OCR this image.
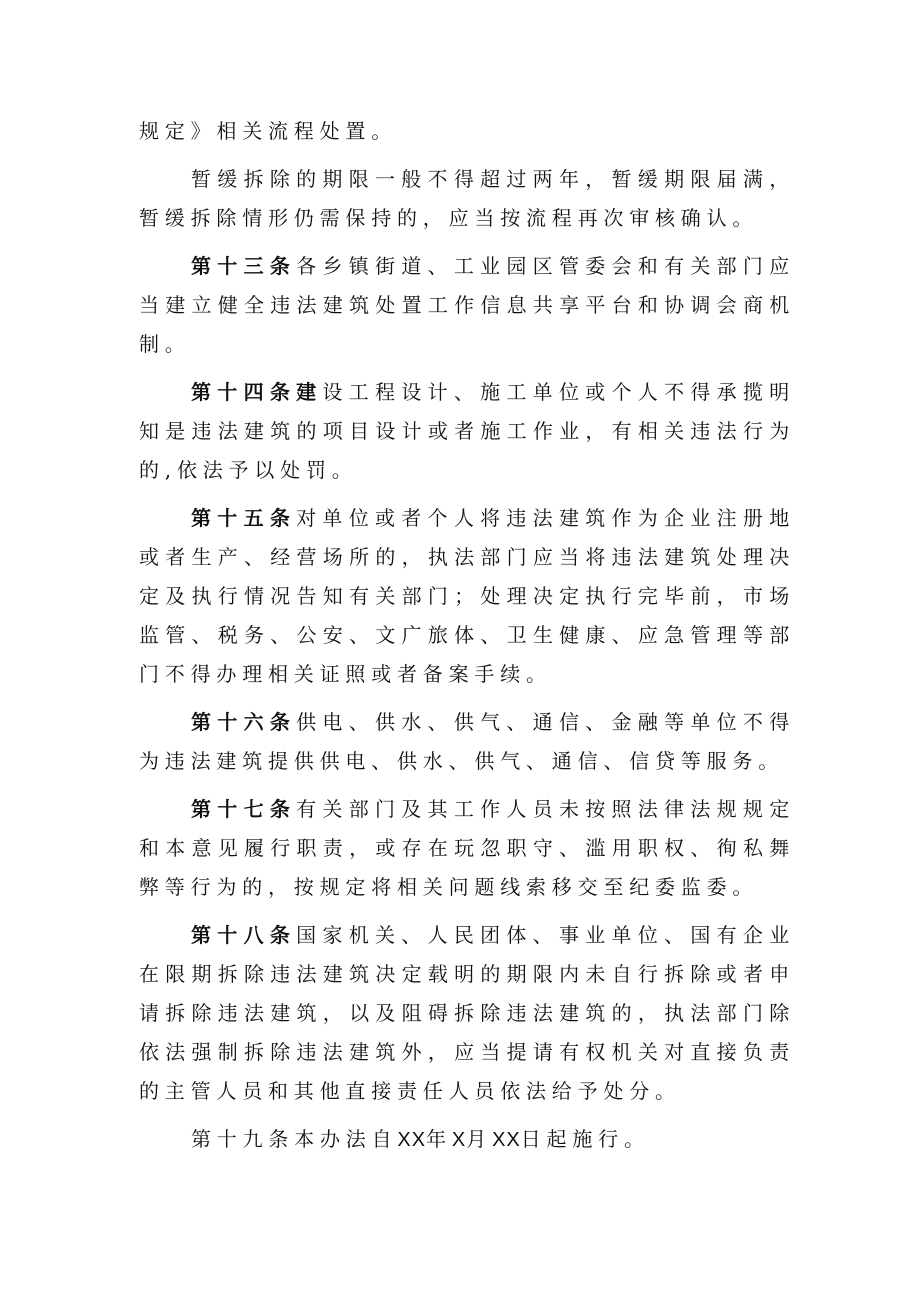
规定》相关流程处置。

暂缓拆除的期限一般不得超过两年，暂缓期限届满，暂缓拆除情形仍需保持的，应当按流程再次审核确认。

第十三条各乡镇街道、工业园区管委会和有关部门应当建立健全违法建筑处置工作信息共享平台和协调会商机制。

第十四条建设工程设计、施工单位或个人不得承揽明知是违法建筑的项目设计或者施工作业，有相关违法行为的,依法予以处罚。

第十五条对单位或者个人将违法建筑作为企业注册地或者生产、经营场所的，执法部门应当将违法建筑处理决定及执行情况告知有关部门；处理决定执行完毕前，市场监管、税务、公安、文广旅体、卫生健康、应急管理等部门不得办理相关证照或者备案手续。

第十六条供电、供水、供气、通信、金融等单位不得为违法建筑提供供电、供水、供气、通信、信贷等服务。

第十七条有关部门及其工作人员未按照法律法规规定和本意见履行职责，或存在玩忽职守、滥用职权、徇私舞弊等行为的，按规定将相关问题线索移交至纪委监委。

第十八条国家机关、人民团体、事业单位、国有企业在限期拆除违法建筑决定载明的期限内未自行拆除或者申请拆除违法建筑，以及阻碍拆除违法建筑的，执法部门除依法强制拆除违法建筑外，应当提请有权机关对直接负责的主管人员和其他直接责任人员依法给予处分。

第十九条本办法自XX年X月XX日起施行。
